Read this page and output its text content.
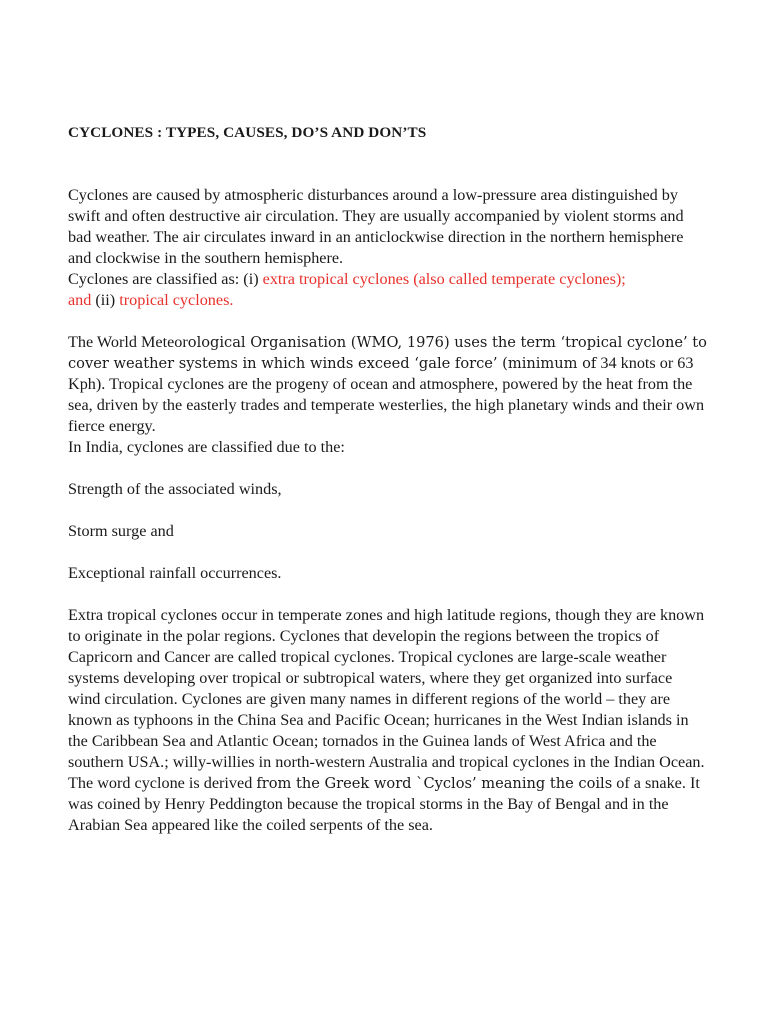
CYCLONES : TYPES, CAUSES, DO’S AND DON’TS

Cyclones are caused by atmospheric disturbances around a low-pressure area distinguished by swift and often destructive air circulation. They are usually accompanied by violent storms and bad weather. The air circulates inward in an anticlockwise direction in the northern hemisphere and clockwise in the southern hemisphere.

Cyclones are classified as: (i) extra tropical cyclones (also called temperate cyclones);
and (ii) tropical cyclones.

The World Meteorological Organisation (WMO, 1976) uses the term ‘tropical cyclone’ to cover weather systems in which winds exceed ‘gale force’ (minimum of 34 knots or 63 Kph). Tropical cyclones are the progeny of ocean and atmosphere, powered by the heat from the sea, driven by the easterly trades and temperate westerlies, the high planetary winds and their own fierce energy.

In India, cyclones are classified due to the:

Strength of the associated winds,

Storm surge and

Exceptional rainfall occurrences.

Extra tropical cyclones occur in temperate zones and high latitude regions, though they are known to originate in the polar regions. Cyclones that developin the regions between the tropics of Capricorn and Cancer are called tropical cyclones. Tropical cyclones are large-scale weather systems developing over tropical or subtropical waters, where they get organized into surface wind circulation. Cyclones are given many names in different regions of the world – they are known as typhoons in the China Sea and Pacific Ocean; hurricanes in the West Indian islands in the Caribbean Sea and Atlantic Ocean; tornados in the Guinea lands of West Africa and the southern USA.; willy-willies in north-western Australia and tropical cyclones in the Indian Ocean. The word cyclone is derived from the Greek word `Cyclos’ meaning the coils of a snake. It was coined by Henry Peddington because the tropical storms in the Bay of Bengal and in the Arabian Sea appeared like the coiled serpents of the sea.
